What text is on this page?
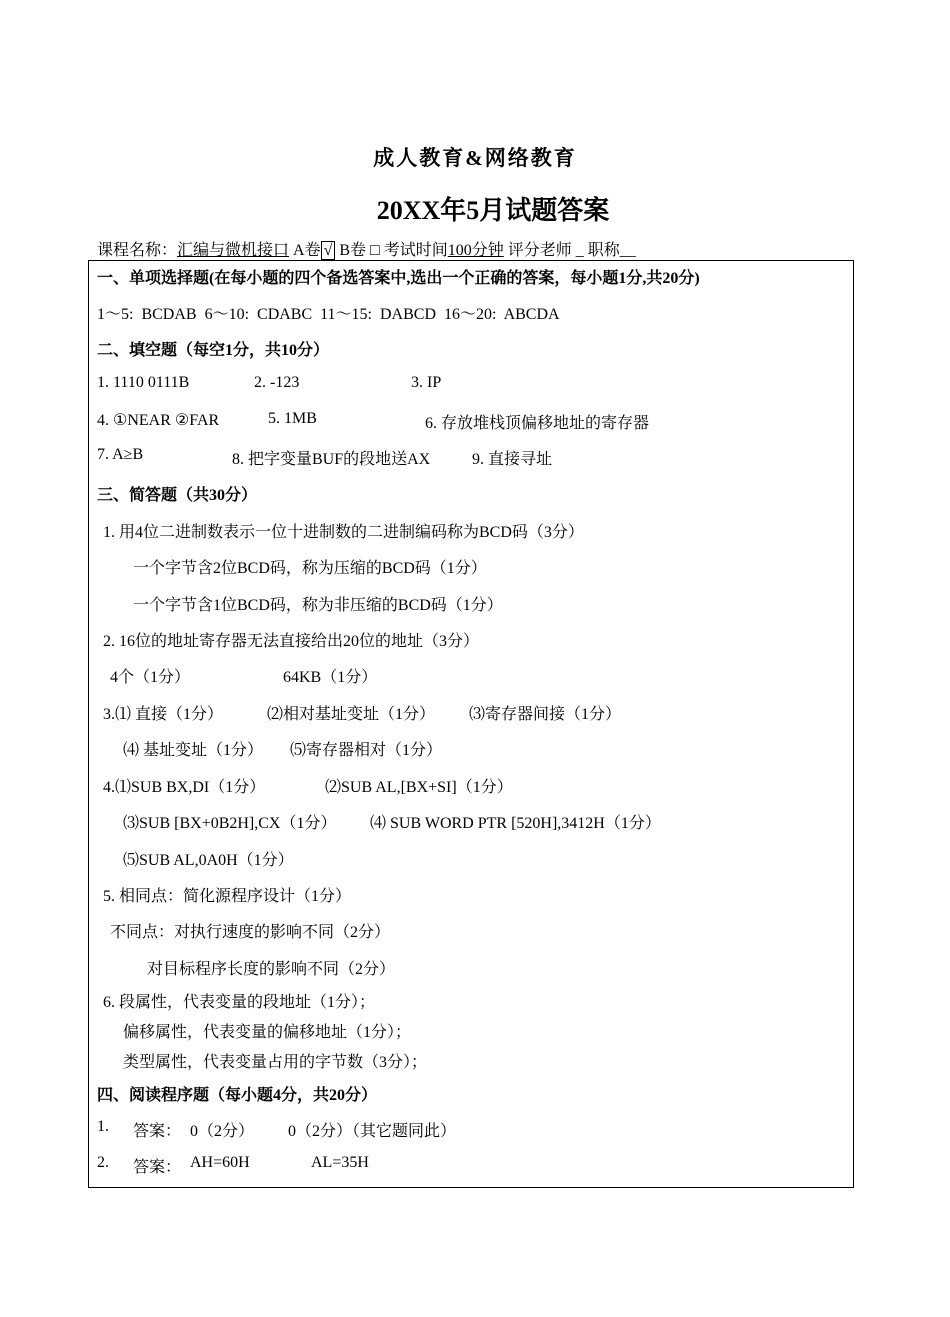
成人教育&网络教育
20XX年5月试题答案
课程名称：汇编与微机接口 A卷 √ B卷 □ 考试时间100分钟 评分老师 _ 职称__
一、单项选择题(在每小题的四个备选答案中,选出一个正确的答案，每小题1分,共20分)
1～5: BCDAB 6～10: CDABC 11～15: DABCD 16～20: ABCDA
二、填空题（每空1分，共10分）
1. 1110 0111B	2. -123	3. IP
4. ①NEAR ②FAR	5. 1MB	6. 存放堆栈顶偏移地址的寄存器
7. A≥B	8. 把字变量BUF的段地送AX	9. 直接寻址
三、简答题（共30分）
1. 用4位二进制数表示一位十进制数的二进制编码称为BCD码（3分）
一个字节含2位BCD码，称为压缩的BCD码（1分）
一个字节含1位BCD码，称为非压缩的BCD码（1分）
2. 16位的地址寄存器无法直接给出20位的地址（3分）
4个（1分）	64KB（1分）
3.⑴ 直接（1分）	⑵相对基址变址（1分） ⑶寄存器间接（1分）
⑷ 基址变址（1分） ⑸寄存器相对（1分）
4.⑴SUB BX,DI（1分）	⑵SUB AL,[BX+SI]（1分）
⑶SUB [BX+0B2H],CX（1分） ⑷ SUB WORD PTR [520H],3412H（1分）
⑸SUB AL,0A0H（1分）
5. 相同点：简化源程序设计（1分）
不同点：对执行速度的影响不同（2分）
对目标程序长度的影响不同（2分）
6. 段属性，代表变量的段地址（1分）；
偏移属性，代表变量的偏移地址（1分）；
类型属性，代表变量占用的字节数（3分）；
四、阅读程序题（每小题4分，共20分）
1. 答案： 0（2分） 0（2分）（其它题同此）
2. 答案： AH=60H	AL=35H
